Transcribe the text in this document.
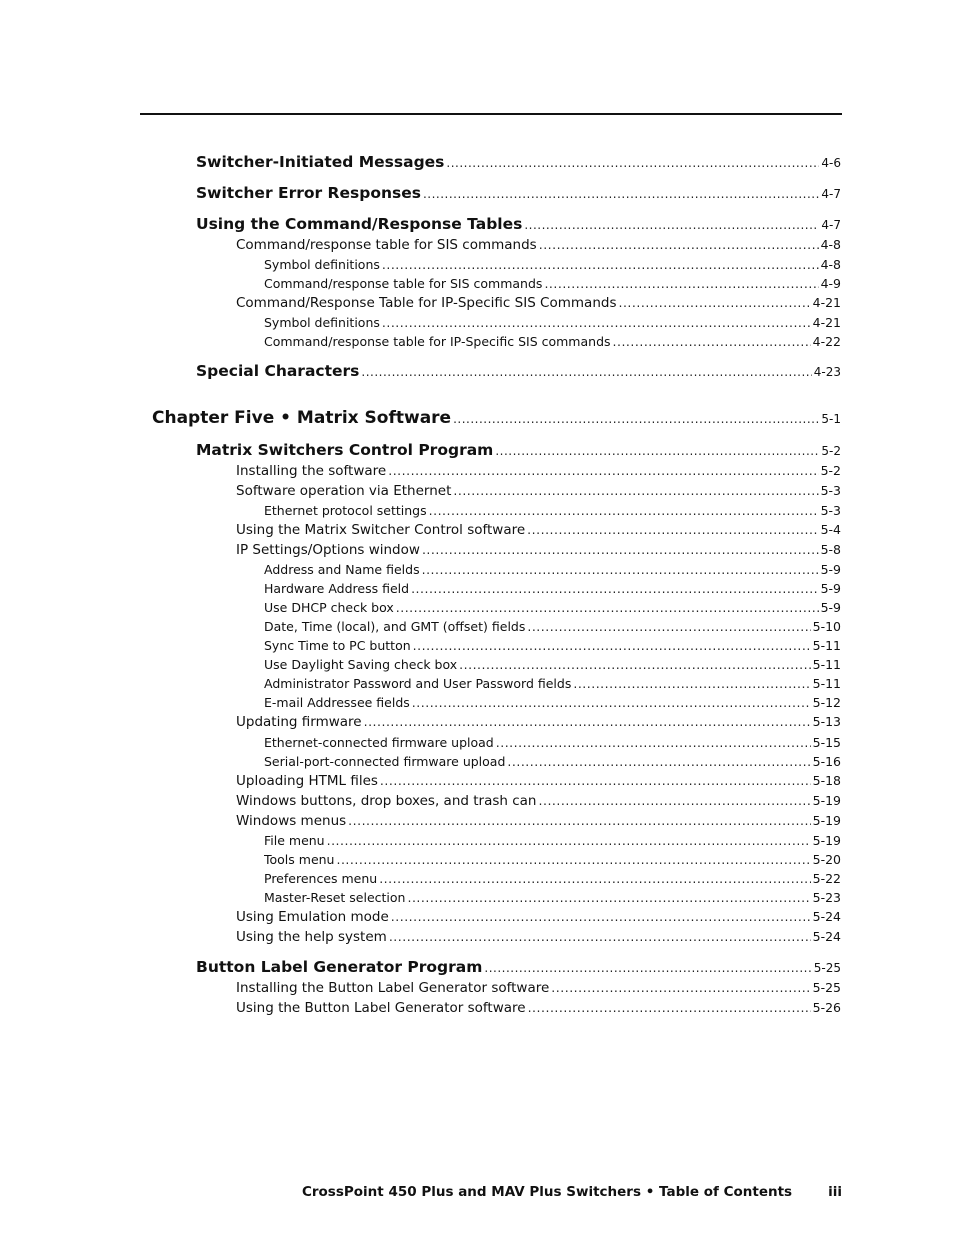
Switcher-Initiated Messages .....	4-6
Switcher Error Responses .....	4-7
Using the Command/Response Tables .....	4-7
Command/response table for SIS commands .....	4-8
Symbol definitions .....	4-8
Command/response table for SIS commands .....	4-9
Command/Response Table for IP-Specific SIS Commands .....	4-21
Symbol definitions .....	4-21
Command/response table for IP-Specific SIS commands .....	4-22
Special Characters .....	4-23
Chapter Five • Matrix Software .....	5-1
Matrix Switchers Control Program .....	5-2
Installing the software .....	5-2
Software operation via Ethernet .....	5-3
Ethernet protocol settings .....	5-3
Using the Matrix Switcher Control software .....	5-4
IP Settings/Options window .....	5-8
Address and Name fields .....	5-9
Hardware Address field .....	5-9
Use DHCP check box .....	5-9
Date, Time (local), and GMT (offset) fields .....	5-10
Sync Time to PC button .....	5-11
Use Daylight Saving check box .....	5-11
Administrator Password and User Password fields .....	5-11
E-mail Addressee fields .....	5-12
Updating firmware .....	5-13
Ethernet-connected firmware upload .....	5-15
Serial-port-connected firmware upload .....	5-16
Uploading HTML files .....	5-18
Windows buttons, drop boxes, and trash can .....	5-19
Windows menus .....	5-19
File menu .....	5-19
Tools menu .....	5-20
Preferences menu .....	5-22
Master-Reset selection .....	5-23
Using Emulation mode .....	5-24
Using the help system .....	5-24
Button Label Generator Program .....	5-25
Installing the Button Label Generator software .....	5-25
Using the Button Label Generator software .....	5-26
CrossPoint 450 Plus and MAV Plus Switchers • Table of Contents	iii
